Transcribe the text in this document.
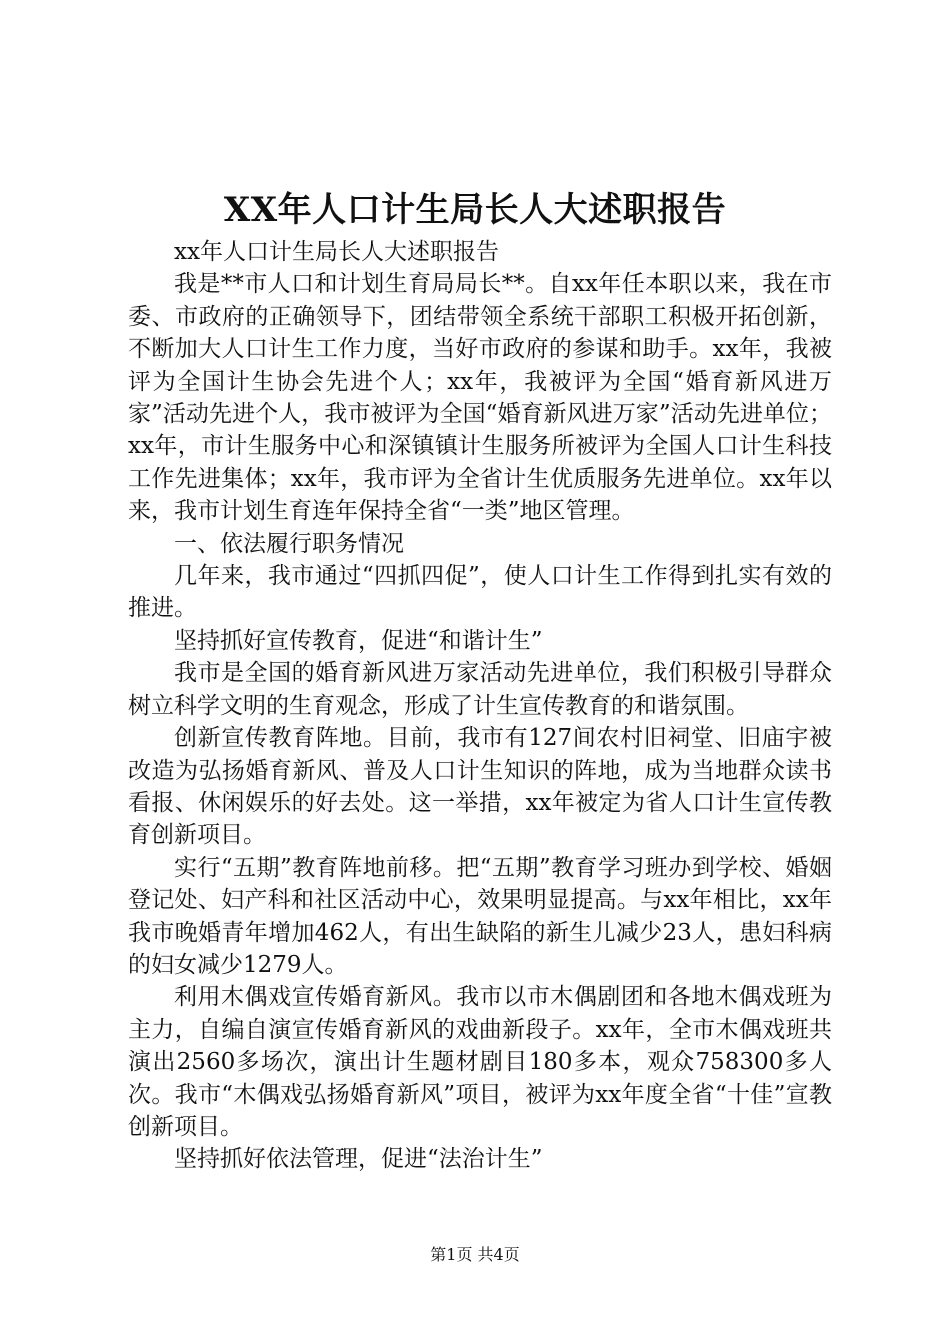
XX年人口计生局长人大述职报告

xx年人口计生局长人大述职报告

我是**市人口和计划生育局局长**。自xx年任本职以来，我在市委、市政府的正确领导下，团结带领全系统干部职工积极开拓创新，不断加大人口计生工作力度，当好市政府的参谋和助手。xx年，我被评为全国计生协会先进个人；xx年，我被评为全国“婚育新风进万家”活动先进个人，我市被评为全国“婚育新风进万家”活动先进单位；xx年，市计生服务中心和深镇镇计生服务所被评为全国人口计生科技工作先进集体；xx年，我市评为全省计生优质服务先进单位。xx年以来，我市计划生育连年保持全省“一类”地区管理。

一、依法履行职务情况

几年来，我市通过“四抓四促”，使人口计生工作得到扎实有效的推进。

坚持抓好宣传教育，促进“和谐计生”

我市是全国的婚育新风进万家活动先进单位，我们积极引导群众树立科学文明的生育观念，形成了计生宣传教育的和谐氛围。

创新宣传教育阵地。目前，我市有127间农村旧祠堂、旧庙宇被改造为弘扬婚育新风、普及人口计生知识的阵地，成为当地群众读书看报、休闲娱乐的好去处。这一举措，xx年被定为省人口计生宣传教育创新项目。

实行“五期”教育阵地前移。把“五期”教育学习班办到学校、婚姻登记处、妇产科和社区活动中心，效果明显提高。与xx年相比，xx年我市晚婚青年增加462人，有出生缺陷的新生儿减少23人，患妇科病的妇女减少1279人。

利用木偶戏宣传婚育新风。我市以市木偶剧团和各地木偶戏班为主力，自编自演宣传婚育新风的戏曲新段子。xx年，全市木偶戏班共演出2560多场次，演出计生题材剧目180多本，观众758300多人次。我市“木偶戏弘扬婚育新风”项目，被评为xx年度全省“十佳”宣教创新项目。

坚持抓好依法管理，促进“法治计生”

第1页 共4页
